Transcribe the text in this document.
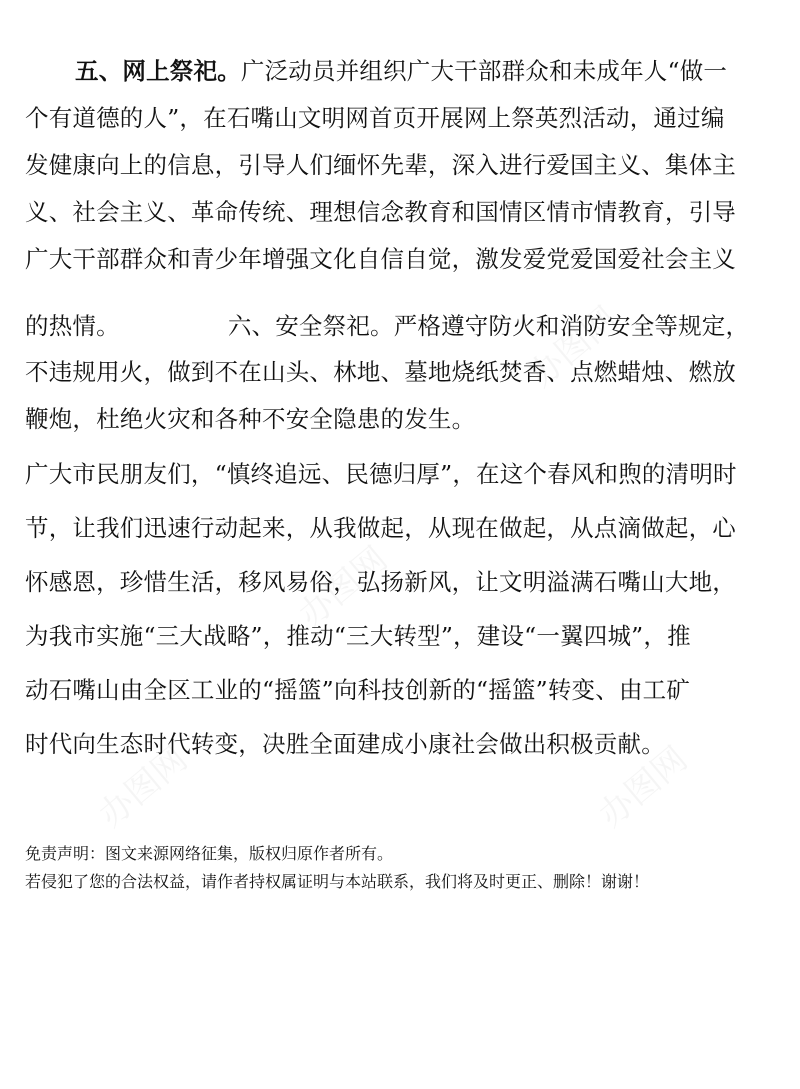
办图网
办图网
办图网
办图网
五、网上祭祀。广泛动员并组织广大干部群众和未成年人“做一
个有道德的人”，在石嘴山文明网首页开展网上祭英烈活动，通过编
发健康向上的信息，引导人们缅怀先辈，深入进行爱国主义、集体主
义、社会主义、革命传统、理想信念教育和国情区情市情教育，引导
广大干部群众和青少年增强文化自信自觉，激发爱党爱国爱社会主义
的热情。	六、安全祭祀。严格遵守防火和消防安全等规定，
不违规用火，做到不在山头、林地、墓地烧纸焚香、点燃蜡烛、燃放
鞭炮，杜绝火灾和各种不安全隐患的发生。
广大市民朋友们，“慎终追远、民德归厚”，在这个春风和煦的清明时
节，让我们迅速行动起来，从我做起，从现在做起，从点滴做起，心
怀感恩，珍惜生活，移风易俗，弘扬新风，让文明溢满石嘴山大地，
为我市实施“三大战略”，推动“三大转型”，建设“一翼四城”，推
动石嘴山由全区工业的“摇篮”向科技创新的“摇篮”转变、由工矿
时代向生态时代转变，决胜全面建成小康社会做出积极贡献。
免责声明：图文来源网络征集，版权归原作者所有。
若侵犯了您的合法权益，请作者持权属证明与本站联系，我们将及时更正、删除！谢谢！
